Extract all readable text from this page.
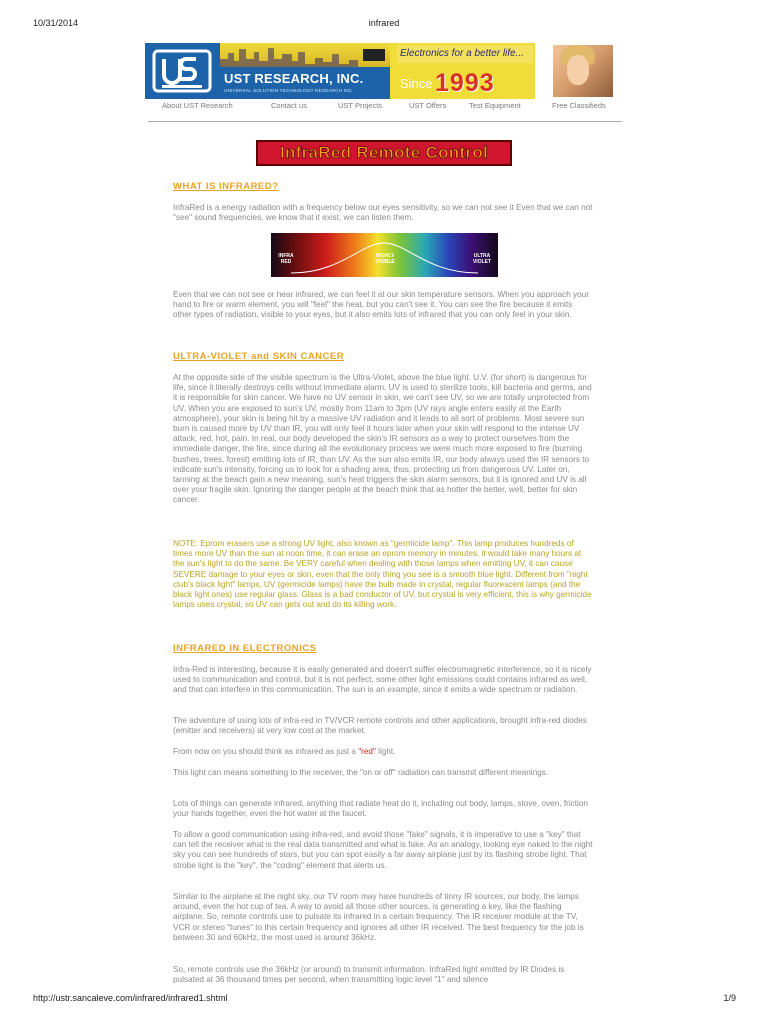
10/31/2014	infrared
UST RESEARCH, INC.
UNIVERSAL SOLUTION TECHNOLOGY RESEARCH INC.
Electronics for a better life...
Since 1993
About UST Research	Contact us	UST Projects	UST Offers	Test Equipment	Free Classifieds
InfraRed Remote Control
WHAT IS INFRARED?
InfraRed is a energy radiation with a frequency below our eyes sensitivity, so we can not see it Even that we can not "see" sound frequencies, we know that it exist, we can listen them.
INFRA RED
HIGHLY VISIBLE
ULTRA VIOLET
Even that we can not see or hear infrared, we can feel it at our skin temperature sensors. When you approach your hand to fire or warm element, you will "feel" the heat, but you can't see it. You can see the fire because it emits other types of radiation, visible to your eyes, but it also emits lots of infrared that you can only feel in your skin.
ULTRA-VIOLET and SKIN CANCER
At the opposite side of the visible spectrum is the Ultra-Violet, above the blue light. U.V. (for short) is dangerous for life, since it literally destroys cells without immediate alarm. UV is used to sterilize tools, kill bacteria and germs, and it is responsible for skin cancer. We have no UV sensor in skin, we can't see UV, so we are totally unprotected from UV. When you are exposed to sun's UV, mostly from 11am to 3pm (UV rays angle enters easily at the Earth atmosphere), your skin is being hit by a massive UV radiation and it leads to all sort of problems. Most severe sun burn is caused more by UV than IR, you will only feel it hours later when your skin will respond to the intense UV attack, red, hot, pain. In real, our body developed the skin's IR sensors as a way to protect ourselves from the immediate danger, the fire, since during all the evolutionary process we were much more exposed to fire (burning bushes, trees, forest) emitting lots of IR, than UV. As the sun also emits IR, our body always used the IR sensors to indicate sun's intensity, forcing us to look for a shading area, thus, protecting us from dangerous UV. Later on, tanning at the beach gain a new meaning, sun's heat triggers the skin alarm sensors, but it is ignored and UV is all over your fragile skin. Ignoring the danger people at the beach think that as hotter the better, well, better for skin cancer.
NOTE: Eprom erasers use a strong UV light, also known as "germicide lamp". This lamp produces hundreds of times more UV than the sun at noon time, it can erase an eprom memory in minutes, it would take many hours at the sun's light to do the same. Be VERY careful when dealing with those lamps when emitting UV, it can cause SEVERE damage to your eyes or skin, even that the only thing you see is a smooth blue light. Different from "night club's black light" lamps, UV (germicide lamps) have the bulb made in crystal, regular fluorescent lamps (and the black light ones) use regular glass. Glass is a bad conductor of UV, but crystal is very efficient, this is why germicide lamps uses crystal, so UV can gets out and do its killing work.
INFRARED IN ELECTRONICS
Infra-Red is interesting, because it is easily generated and doesn't suffer electromagnetic interference, so it is nicely used to communication and control, but it is not perfect, some other light emissions could contains infrared as well, and that can interfere in this communication. The sun is an example, since it emits a wide spectrum or radiation.
The adventure of using lots of infra-red in TV/VCR remote controls and other applications, brought infra-red diodes (emitter and receivers) at very low cost at the market.
From now on you should think as infrared as just a "red" light.
This light can means something to the receiver, the "on or off" radiation can transmit different meanings.
Lots of things can generate infrared, anything that radiate heat do it, including out body, lamps, stove, oven, friction your hands together, even the hot water at the faucet.
To allow a good communication using infra-red, and avoid those "fake" signals, it is imperative to use a "key" that can tell the receiver what is the real data transmitted and what is fake. As an analogy, looking eye naked to the night sky you can see hundreds of stars, but you can spot easily a far away airplane just by its flashing strobe light. That strobe light is the "key", the "coding" element that alerts us.
Similar to the airplane at the night sky, our TV room may have hundreds of tinny IR sources, our body, the lamps around, even the hot cup of tea. A way to avoid all those other sources, is generating a key, like the flashing airplane. So, remote controls use to pulsate its infrared in a certain frequency. The IR receiver module at the TV, VCR or stereo "tunes" to this certain frequency and ignores all other IR received. The best frequency for the job is between 30 and 60kHz, the most used is around 36kHz.
So, remote controls use the 36kHz (or around) to transmit information. InfraRed light emitted by IR Diodes is pulsated at 36 thousand times per second, when transmitting logic level "1" and silence
http://ustr.sancaleve.com/infrared/infrared1.shtml	1/9
